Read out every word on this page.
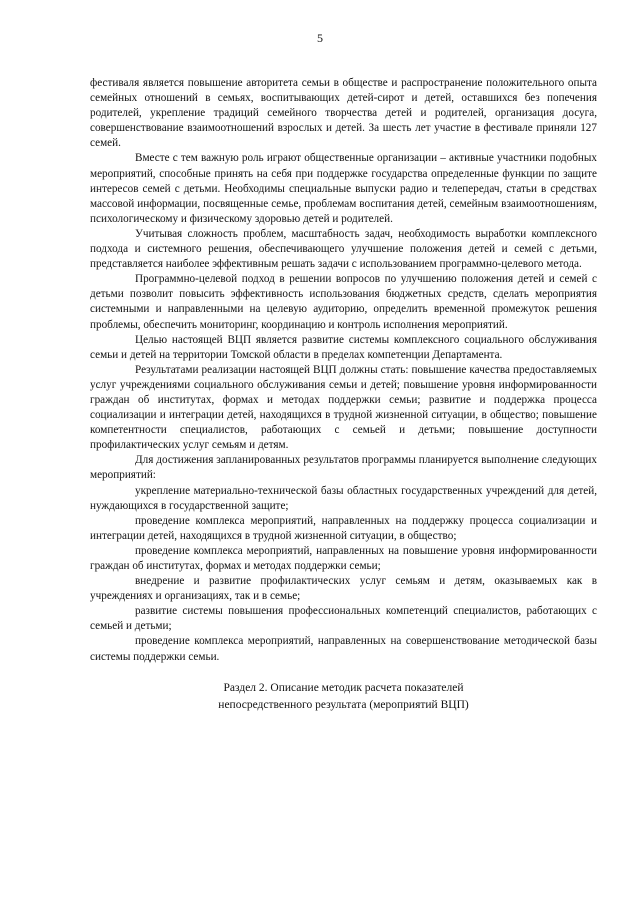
5

фестиваля является повышение авторитета семьи в обществе и распространение положительного опыта семейных отношений в семьях, воспитывающих детей-сирот и детей, оставшихся без попечения родителей, укрепление традиций семейного творчества детей и родителей, организация досуга, совершенствование взаимоотношений взрослых и детей. За шесть лет участие в фестивале приняли 127 семей.

Вместе с тем важную роль играют общественные организации – активные участники подобных мероприятий, способные принять на себя при поддержке государства определенные функции по защите интересов семей с детьми. Необходимы специальные выпуски радио и телепередач, статьи в средствах массовой информации, посвященные семье, проблемам воспитания детей, семейным взаимоотношениям, психологическому и физическому здоровью детей и родителей.

Учитывая сложность проблем, масштабность задач, необходимость выработки комплексного подхода и системного решения, обеспечивающего улучшение положения детей и семей с детьми, представляется наиболее эффективным решать задачи с использованием программно-целевого метода.

Программно-целевой подход в решении вопросов по улучшению положения детей и семей с детьми позволит повысить эффективность использования бюджетных средств, сделать мероприятия системными и направленными на целевую аудиторию, определить временной промежуток решения проблемы, обеспечить мониторинг, координацию и контроль исполнения мероприятий.

Целью настоящей ВЦП является развитие системы комплексного социального обслуживания семьи и детей на территории Томской области в пределах компетенции Департамента.

Результатами реализации настоящей ВЦП должны стать: повышение качества предоставляемых услуг учреждениями социального обслуживания семьи и детей; повышение уровня информированности граждан об институтах, формах и методах поддержки семьи; развитие и поддержка процесса социализации и интеграции детей, находящихся в трудной жизненной ситуации, в общество; повышение компетентности специалистов, работающих с семьей и детьми; повышение доступности профилактических услуг семьям и детям.

Для достижения запланированных результатов программы планируется выполнение следующих мероприятий:

укрепление материально-технической базы областных государственных учреждений для детей, нуждающихся в государственной защите;

проведение комплекса мероприятий, направленных на поддержку процесса социализации и интеграции детей, находящихся в трудной жизненной ситуации, в общество;

проведение комплекса мероприятий, направленных на повышение уровня информированности граждан об институтах, формах и методах поддержки семьи;

внедрение и развитие профилактических услуг семьям и детям, оказываемых как в учреждениях и организациях, так и в семье;

развитие системы повышения профессиональных компетенций специалистов, работающих с семьей и детьми;

проведение комплекса мероприятий, направленных на совершенствование методической базы системы поддержки семьи.

Раздел 2. Описание методик расчета показателей
непосредственного результата (мероприятий ВЦП)
